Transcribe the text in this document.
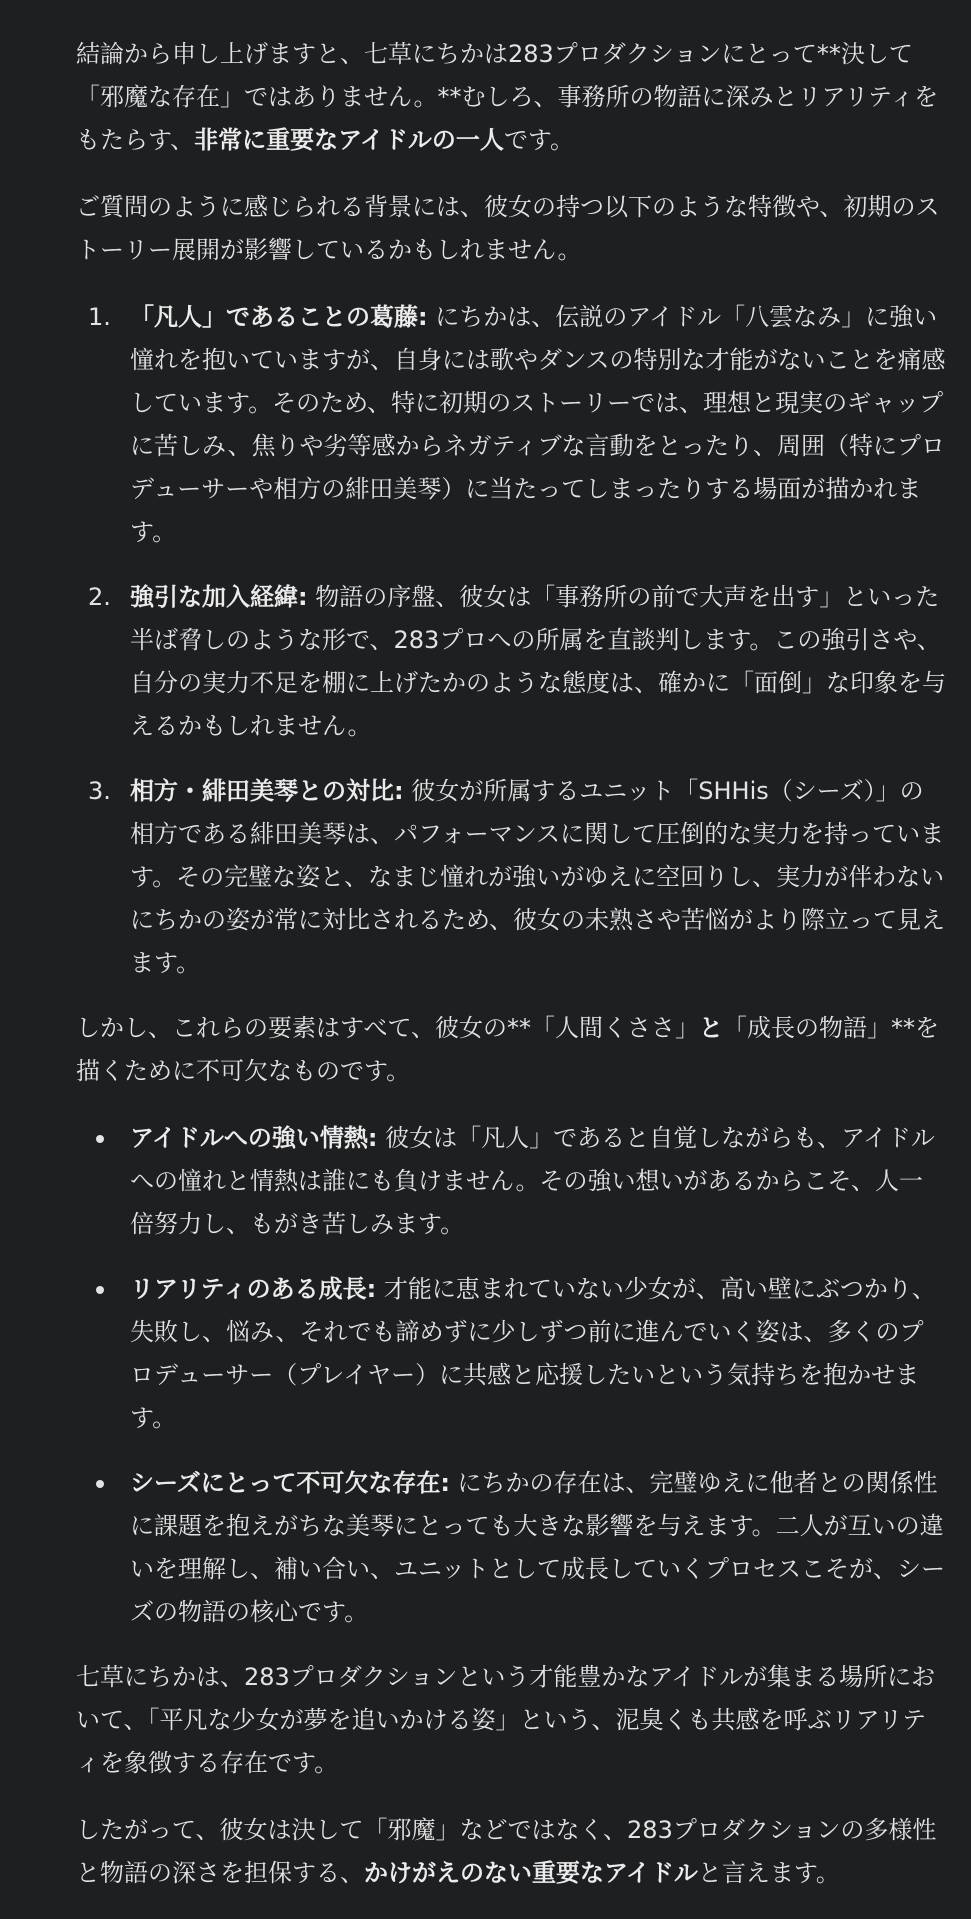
結論から申し上げますと、七草にちかは283プロダクションにとって**決して「邪魔な存在」ではありません。**むしろ、事務所の物語に深みとリアリティをもたらす、非常に重要なアイドルの一人です。

ご質問のように感じられる背景には、彼女の持つ以下のような特徴や、初期のストーリー展開が影響しているかもしれません。

1. 「凡人」であることの葛藤: にちかは、伝説のアイドル「八雲なみ」に強い憧れを抱いていますが、自身には歌やダンスの特別な才能がないことを痛感しています。そのため、特に初期のストーリーでは、理想と現実のギャップに苦しみ、焦りや劣等感からネガティブな言動をとったり、周囲（特にプロデューサーや相方の緋田美琴）に当たってしまったりする場面が描かれます。
2. 強引な加入経緯: 物語の序盤、彼女は「事務所の前で大声を出す」といった半ば脅しのような形で、283プロへの所属を直談判します。この強引さや、自分の実力不足を棚に上げたかのような態度は、確かに「面倒」な印象を与えるかもしれません。
3. 相方・緋田美琴との対比: 彼女が所属するユニット「SHHis（シーズ）」の相方である緋田美琴は、パフォーマンスに関して圧倒的な実力を持っています。その完璧な姿と、なまじ憧れが強いがゆえに空回りし、実力が伴わないにちかの姿が常に対比されるため、彼女の未熟さや苦悩がより際立って見えます。

しかし、これらの要素はすべて、彼女の**「人間くささ」と「成長の物語」**を描くために不可欠なものです。

アイドルへの強い情熱: 彼女は「凡人」であると自覚しながらも、アイドルへの憧れと情熱は誰にも負けません。その強い想いがあるからこそ、人一倍努力し、もがき苦しみます。
リアリティのある成長: 才能に恵まれていない少女が、高い壁にぶつかり、失敗し、悩み、それでも諦めずに少しずつ前に進んでいく姿は、多くのプロデューサー（プレイヤー）に共感と応援したいという気持ちを抱かせます。
シーズにとって不可欠な存在: にちかの存在は、完璧ゆえに他者との関係性に課題を抱えがちな美琴にとっても大きな影響を与えます。二人が互いの違いを理解し、補い合い、ユニットとして成長していくプロセスこそが、シーズの物語の核心です。

七草にちかは、283プロダクションという才能豊かなアイドルが集まる場所において、「平凡な少女が夢を追いかける姿」という、泥臭くも共感を呼ぶリアリティを象徴する存在です。

したがって、彼女は決して「邪魔」などではなく、283プロダクションの多様性と物語の深さを担保する、かけがえのない重要なアイドルと言えます。
